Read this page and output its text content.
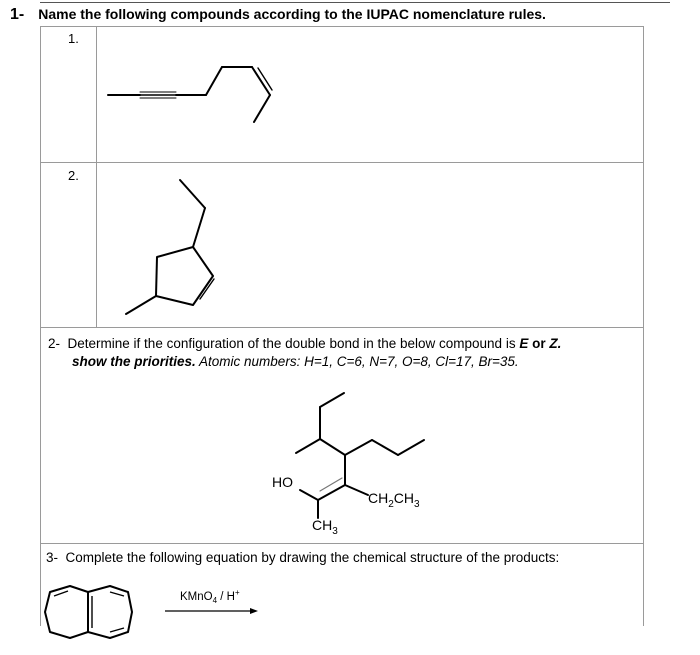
1- Name the following compounds according to the IUPAC nomenclature rules.
1.
2.
2- Determine if the configuration of the double bond in the below compound is E or Z.
show the priorities. Atomic numbers: H=1, C=6, N=7, O=8, Cl=17, Br=35.
HO
$CH_2CH_3$
$CH_3$
3- Complete the following equation by drawing the chemical structure of the products:
KMnO$_4$ / H+
